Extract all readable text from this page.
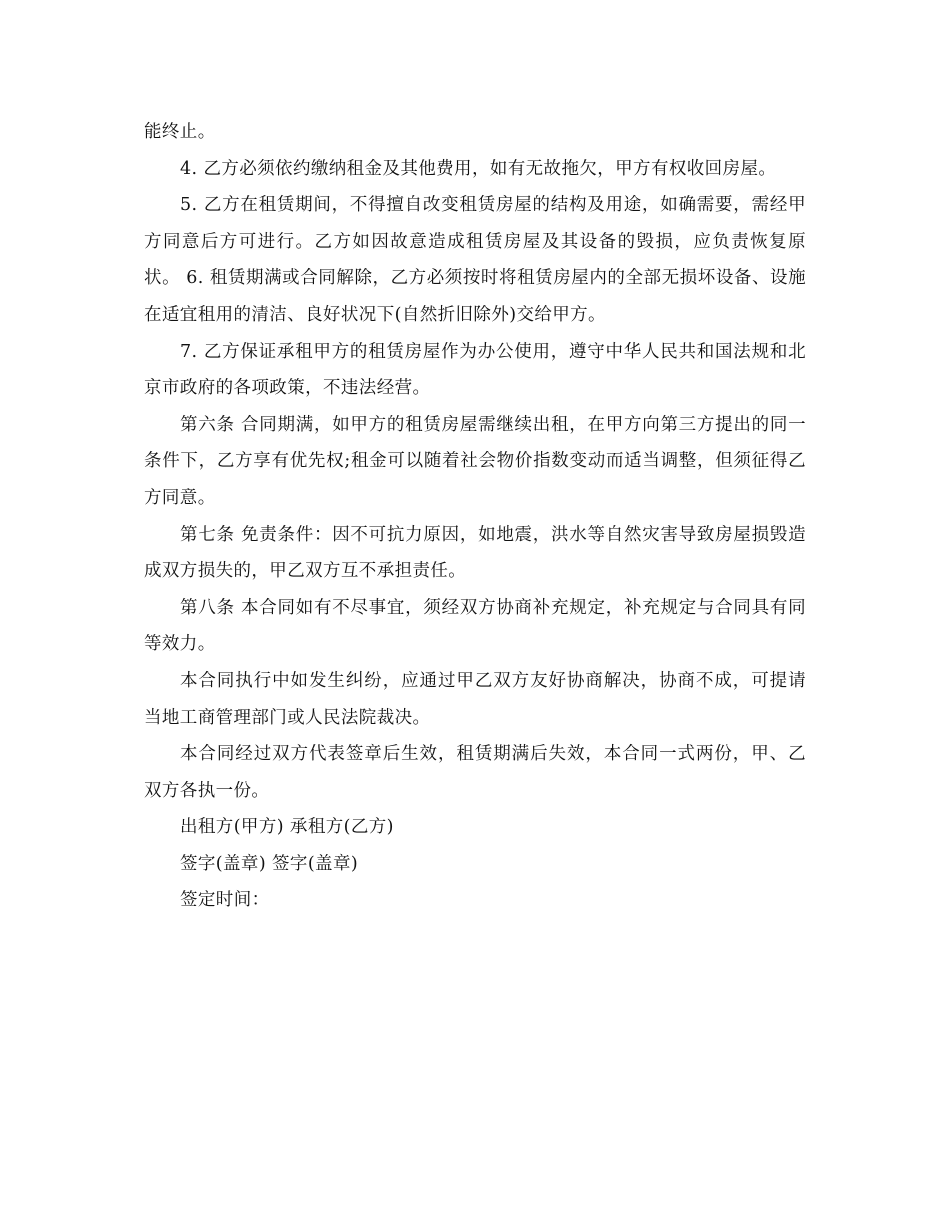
能终止。

4. 乙方必须依约缴纳租金及其他费用，如有无故拖欠，甲方有权收回房屋。

5. 乙方在租赁期间，不得擅自改变租赁房屋的结构及用途，如确需要，需经甲方同意后方可进行。乙方如因故意造成租赁房屋及其设备的毁损，应负责恢复原状。 6. 租赁期满或合同解除，乙方必须按时将租赁房屋内的全部无损坏设备、设施在适宜租用的清洁、良好状况下(自然折旧除外)交给甲方。

7. 乙方保证承租甲方的租赁房屋作为办公使用，遵守中华人民共和国法规和北京市政府的各项政策，不违法经营。

第六条 合同期满，如甲方的租赁房屋需继续出租，在甲方向第三方提出的同一条件下，乙方享有优先权;租金可以随着社会物价指数变动而适当调整，但须征得乙方同意。

第七条 免责条件：因不可抗力原因，如地震，洪水等自然灾害导致房屋损毁造成双方损失的，甲乙双方互不承担责任。

第八条 本合同如有不尽事宜，须经双方协商补充规定，补充规定与合同具有同等效力。

本合同执行中如发生纠纷，应通过甲乙双方友好协商解决，协商不成，可提请当地工商管理部门或人民法院裁决。

本合同经过双方代表签章后生效，租赁期满后失效，本合同一式两份，甲、乙双方各执一份。

出租方(甲方) 承租方(乙方)

签字(盖章) 签字(盖章)

签定时间：
